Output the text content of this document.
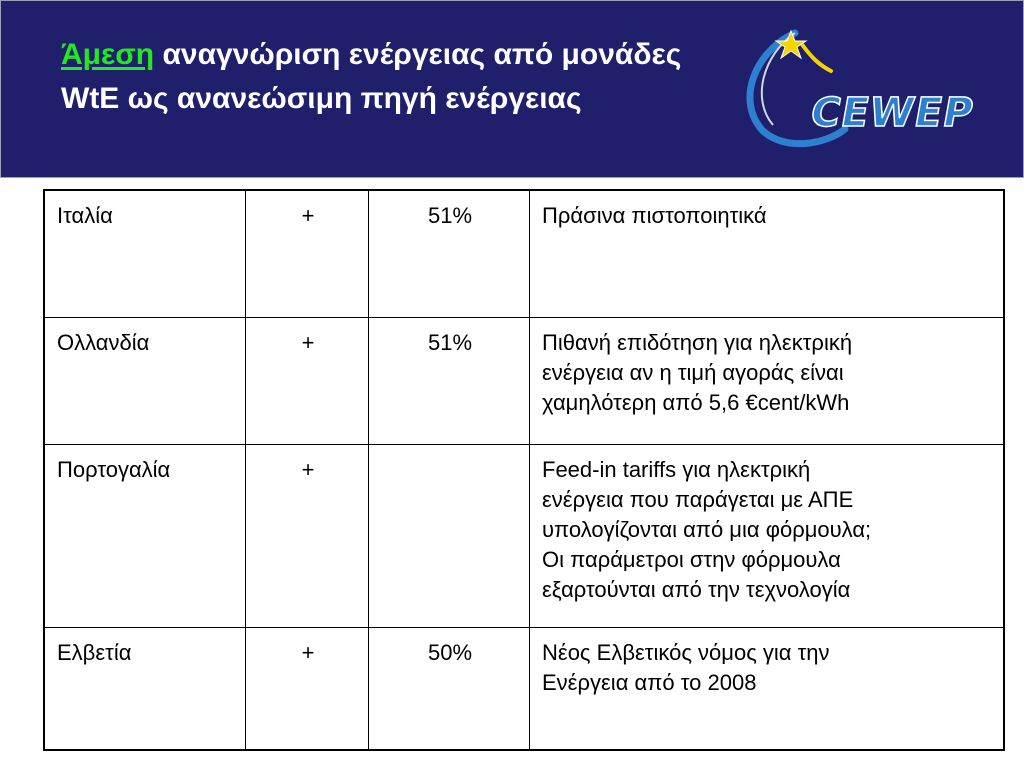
Άμεση αναγνώριση ενέργειας από μονάδες WtE ως ανανεώσιμη πηγή ενέργειας	CEWEP
Ιταλία	+	51%	Πράσινα πιστοποιητικά

Ολλανδία	+	51%	Πιθανή επιδότηση για ηλεκτρική
ενέργεια αν η τιμή αγοράς είναι
χαμηλότερη από 5,6 €cent/kWh

Πορτογαλία	+		Feed-in tariffs για ηλεκτρική
ενέργεια που παράγεται με ΑΠΕ
υπολογίζονται από μια φόρμουλα;
Οι παράμετροι στην φόρμουλα
εξαρτούνται από την τεχνολογία

Ελβετία	+	50%	Νέος Ελβετικός νόμος για την
Ενέργεια από το 2008
